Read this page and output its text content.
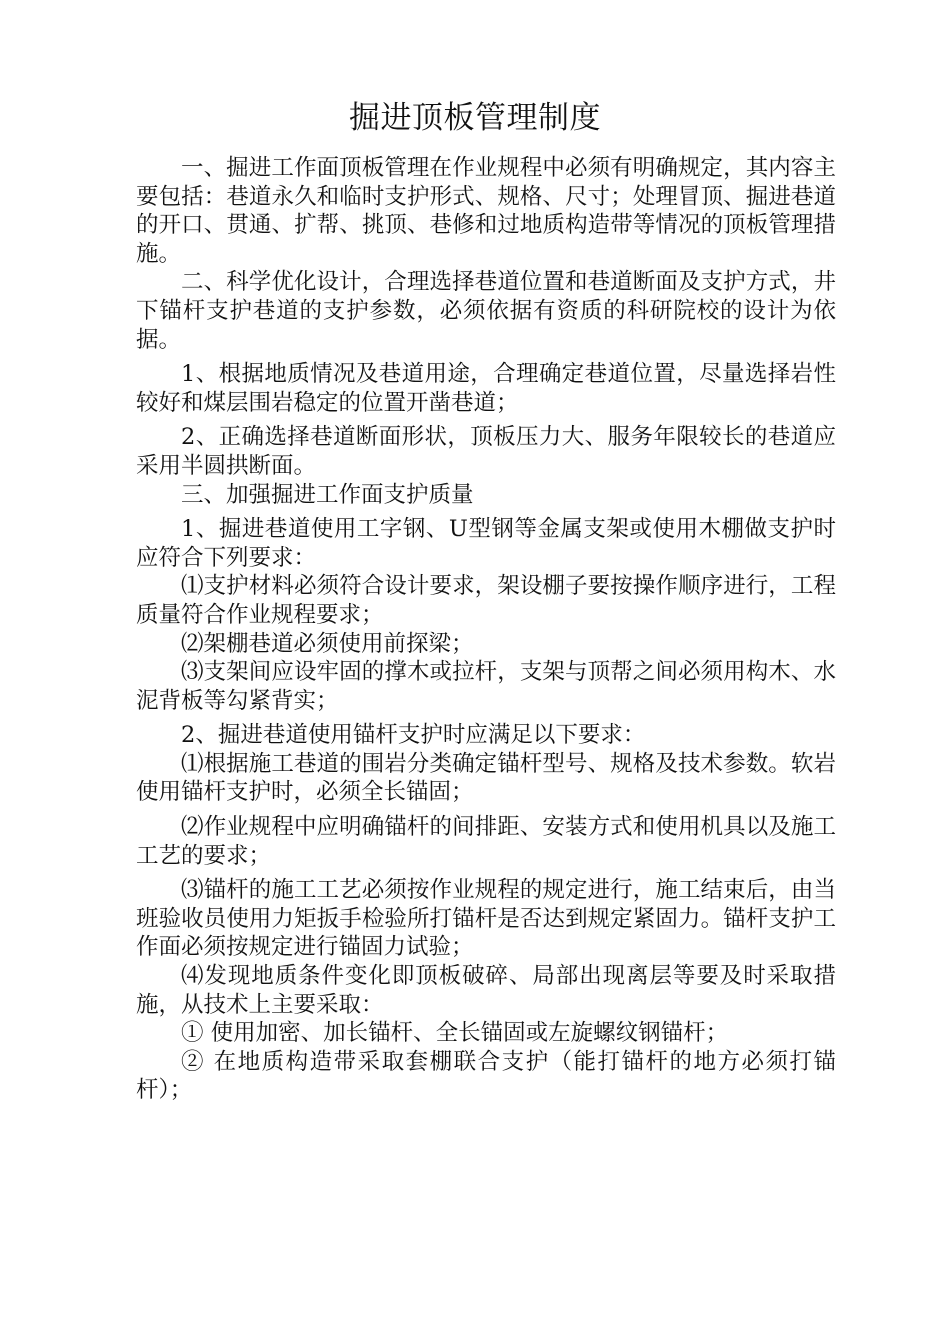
掘进顶板管理制度

一、掘进工作面顶板管理在作业规程中必须有明确规定，其内容主要包括：巷道永久和临时支护形式、规格、尺寸；处理冒顶、掘进巷道的开口、贯通、扩帮、挑顶、巷修和过地质构造带等情况的顶板管理措施。

二、科学优化设计，合理选择巷道位置和巷道断面及支护方式，井下锚杆支护巷道的支护参数，必须依据有资质的科研院校的设计为依据。

1、根据地质情况及巷道用途，合理确定巷道位置，尽量选择岩性较好和煤层围岩稳定的位置开凿巷道；

2、正确选择巷道断面形状，顶板压力大、服务年限较长的巷道应采用半圆拱断面。

三、加强掘进工作面支护质量

1、掘进巷道使用工字钢、U型钢等金属支架或使用木棚做支护时应符合下列要求：

⑴支护材料必须符合设计要求，架设棚子要按操作顺序进行，工程质量符合作业规程要求；

⑵架棚巷道必须使用前探梁；

⑶支架间应设牢固的撑木或拉杆，支架与顶帮之间必须用构木、水泥背板等勾紧背实；

2、掘进巷道使用锚杆支护时应满足以下要求：

⑴根据施工巷道的围岩分类确定锚杆型号、规格及技术参数。软岩使用锚杆支护时，必须全长锚固；

⑵作业规程中应明确锚杆的间排距、安装方式和使用机具以及施工工艺的要求；

⑶锚杆的施工工艺必须按作业规程的规定进行，施工结束后，由当班验收员使用力矩扳手检验所打锚杆是否达到规定紧固力。锚杆支护工作面必须按规定进行锚固力试验；

⑷发现地质条件变化即顶板破碎、局部出现离层等要及时采取措施，从技术上主要采取：

① 使用加密、加长锚杆、全长锚固或左旋螺纹钢锚杆；

② 在地质构造带采取套棚联合支护（能打锚杆的地方必须打锚杆）；
